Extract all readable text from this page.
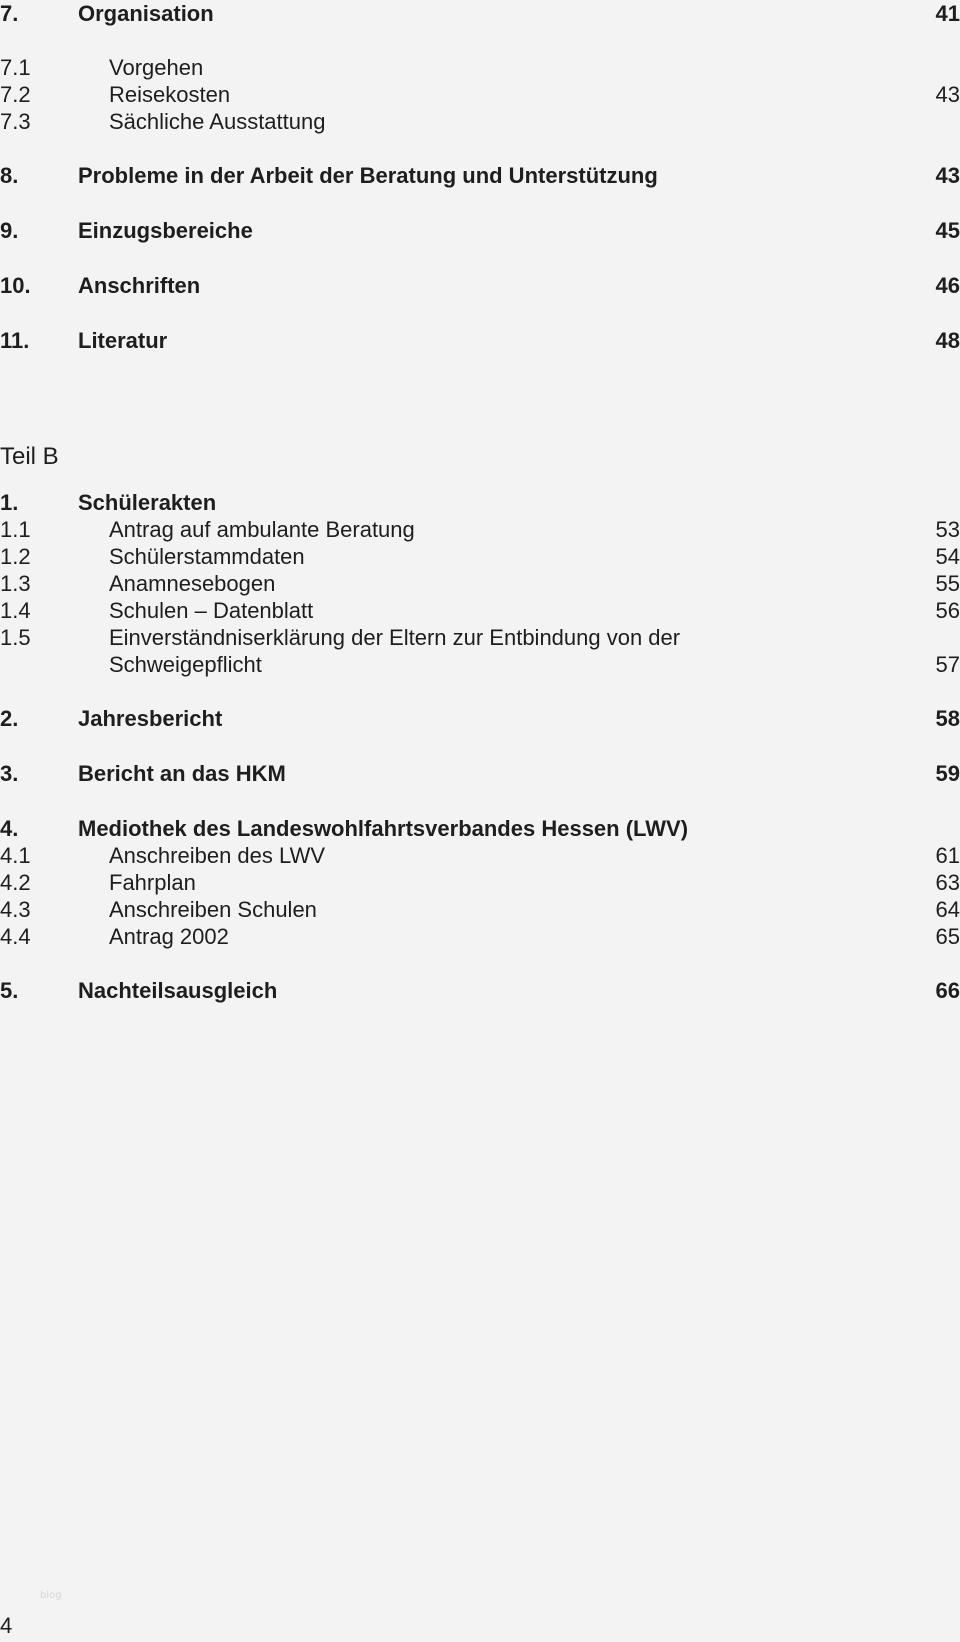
7.	Organisation	41
7.1	Vorgehen
7.2	Reisekosten	43
7.3	Sächliche Ausstattung
8.	Probleme in der Arbeit der Beratung und Unterstützung	43
9.	Einzugsbereiche	45
10. Anschriften	46
11. Literatur	48
Teil B
1.	Schülerakten
1.1	Antrag auf ambulante Beratung	53
1.2	Schülerstammdaten	54
1.3	Anamnesebogen	55
1.4	Schulen – Datenblatt	56
1.5	Einverständniserklärung der Eltern zur Entbindung von der
Schweigepflicht	57
2.	Jahresbericht	58
3.	Bericht an das HKM	59
4.	Mediothek des Landeswohlfahrtsverbandes Hessen (LWV)
4.1	Anschreiben des LWV	61
4.2	Fahrplan	63
4.3	Anschreiben Schulen	64
4.4	Antrag 2002	65
5.	Nachteilsausgleich	66
blog
4
